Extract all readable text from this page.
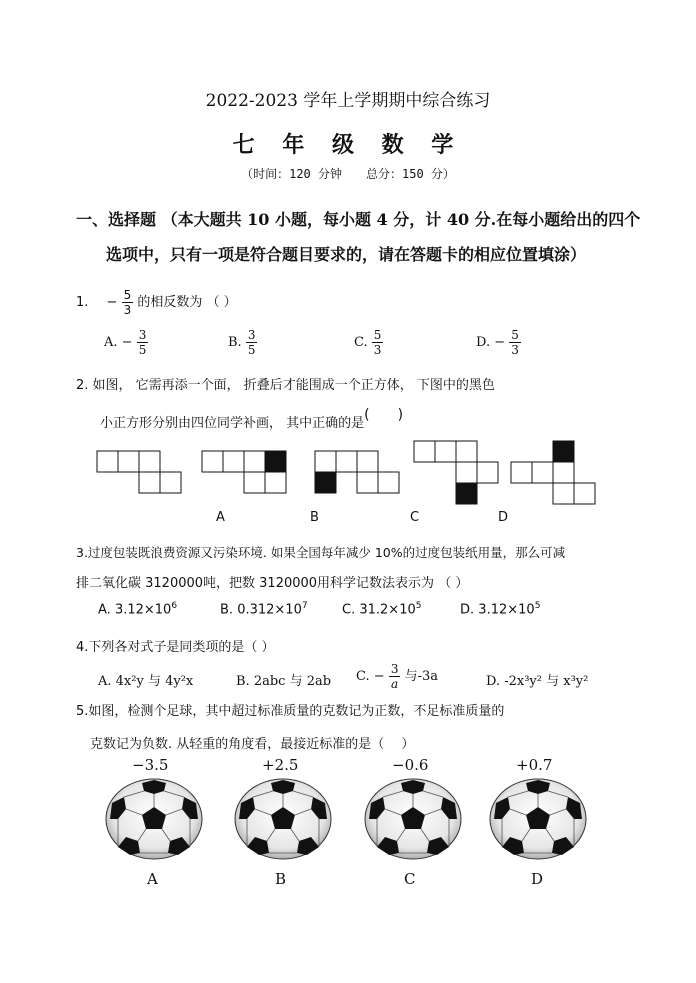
2022-2023 学年上学期期中综合练习
七 年 级 数 学
（时间：120 分钟　　总分：150 分）
一、选择题 （本大题共 10 小题，每小题 4 分，计 40 分.在每小题给出的四个
选项中，只有一项是符合题目要求的，请在答题卡的相应位置填涂）
1. − $\frac{5}{3}$ 的相反数为 （ ）
A. − $\frac{3}{5}$	B. $\frac{3}{5}$	C. $\frac{5}{3}$	D. − $\frac{5}{3}$
2. 如图， 它需再添一个面， 折叠后才能围成一个正方体， 下图中的黑色
小正方形分别由四位同学补画， 其中正确的是(　　)
A	B	C	D
3.过度包装既浪费资源又污染环境. 如果全国每年减少 10%的过度包装纸用量，那么可减
排二氧化碳 3120000吨，把数 3120000用科学记数法表示为 （ ）
A. $3.12\times 10^6$	B. $0.312\times 10^7$	C. $31.2\times 10^5$	D. $3.12\times 10^5$
4.下列各对式子是同类项的是（ ）
A. 4x²y 与 4y²x	B. 2abc 与 2ab C. − $\frac{3}{a}$ 与-3a	D. -2x³y² 与 x³y²
5.如图，检测个足球，其中超过标准质量的克数记为正数，不足标准质量的
克数记为负数. 从轻重的角度看，最接近标准的是（　 ）
−3.5
A
+2.5
B
−0.6
C
+0.7
D
